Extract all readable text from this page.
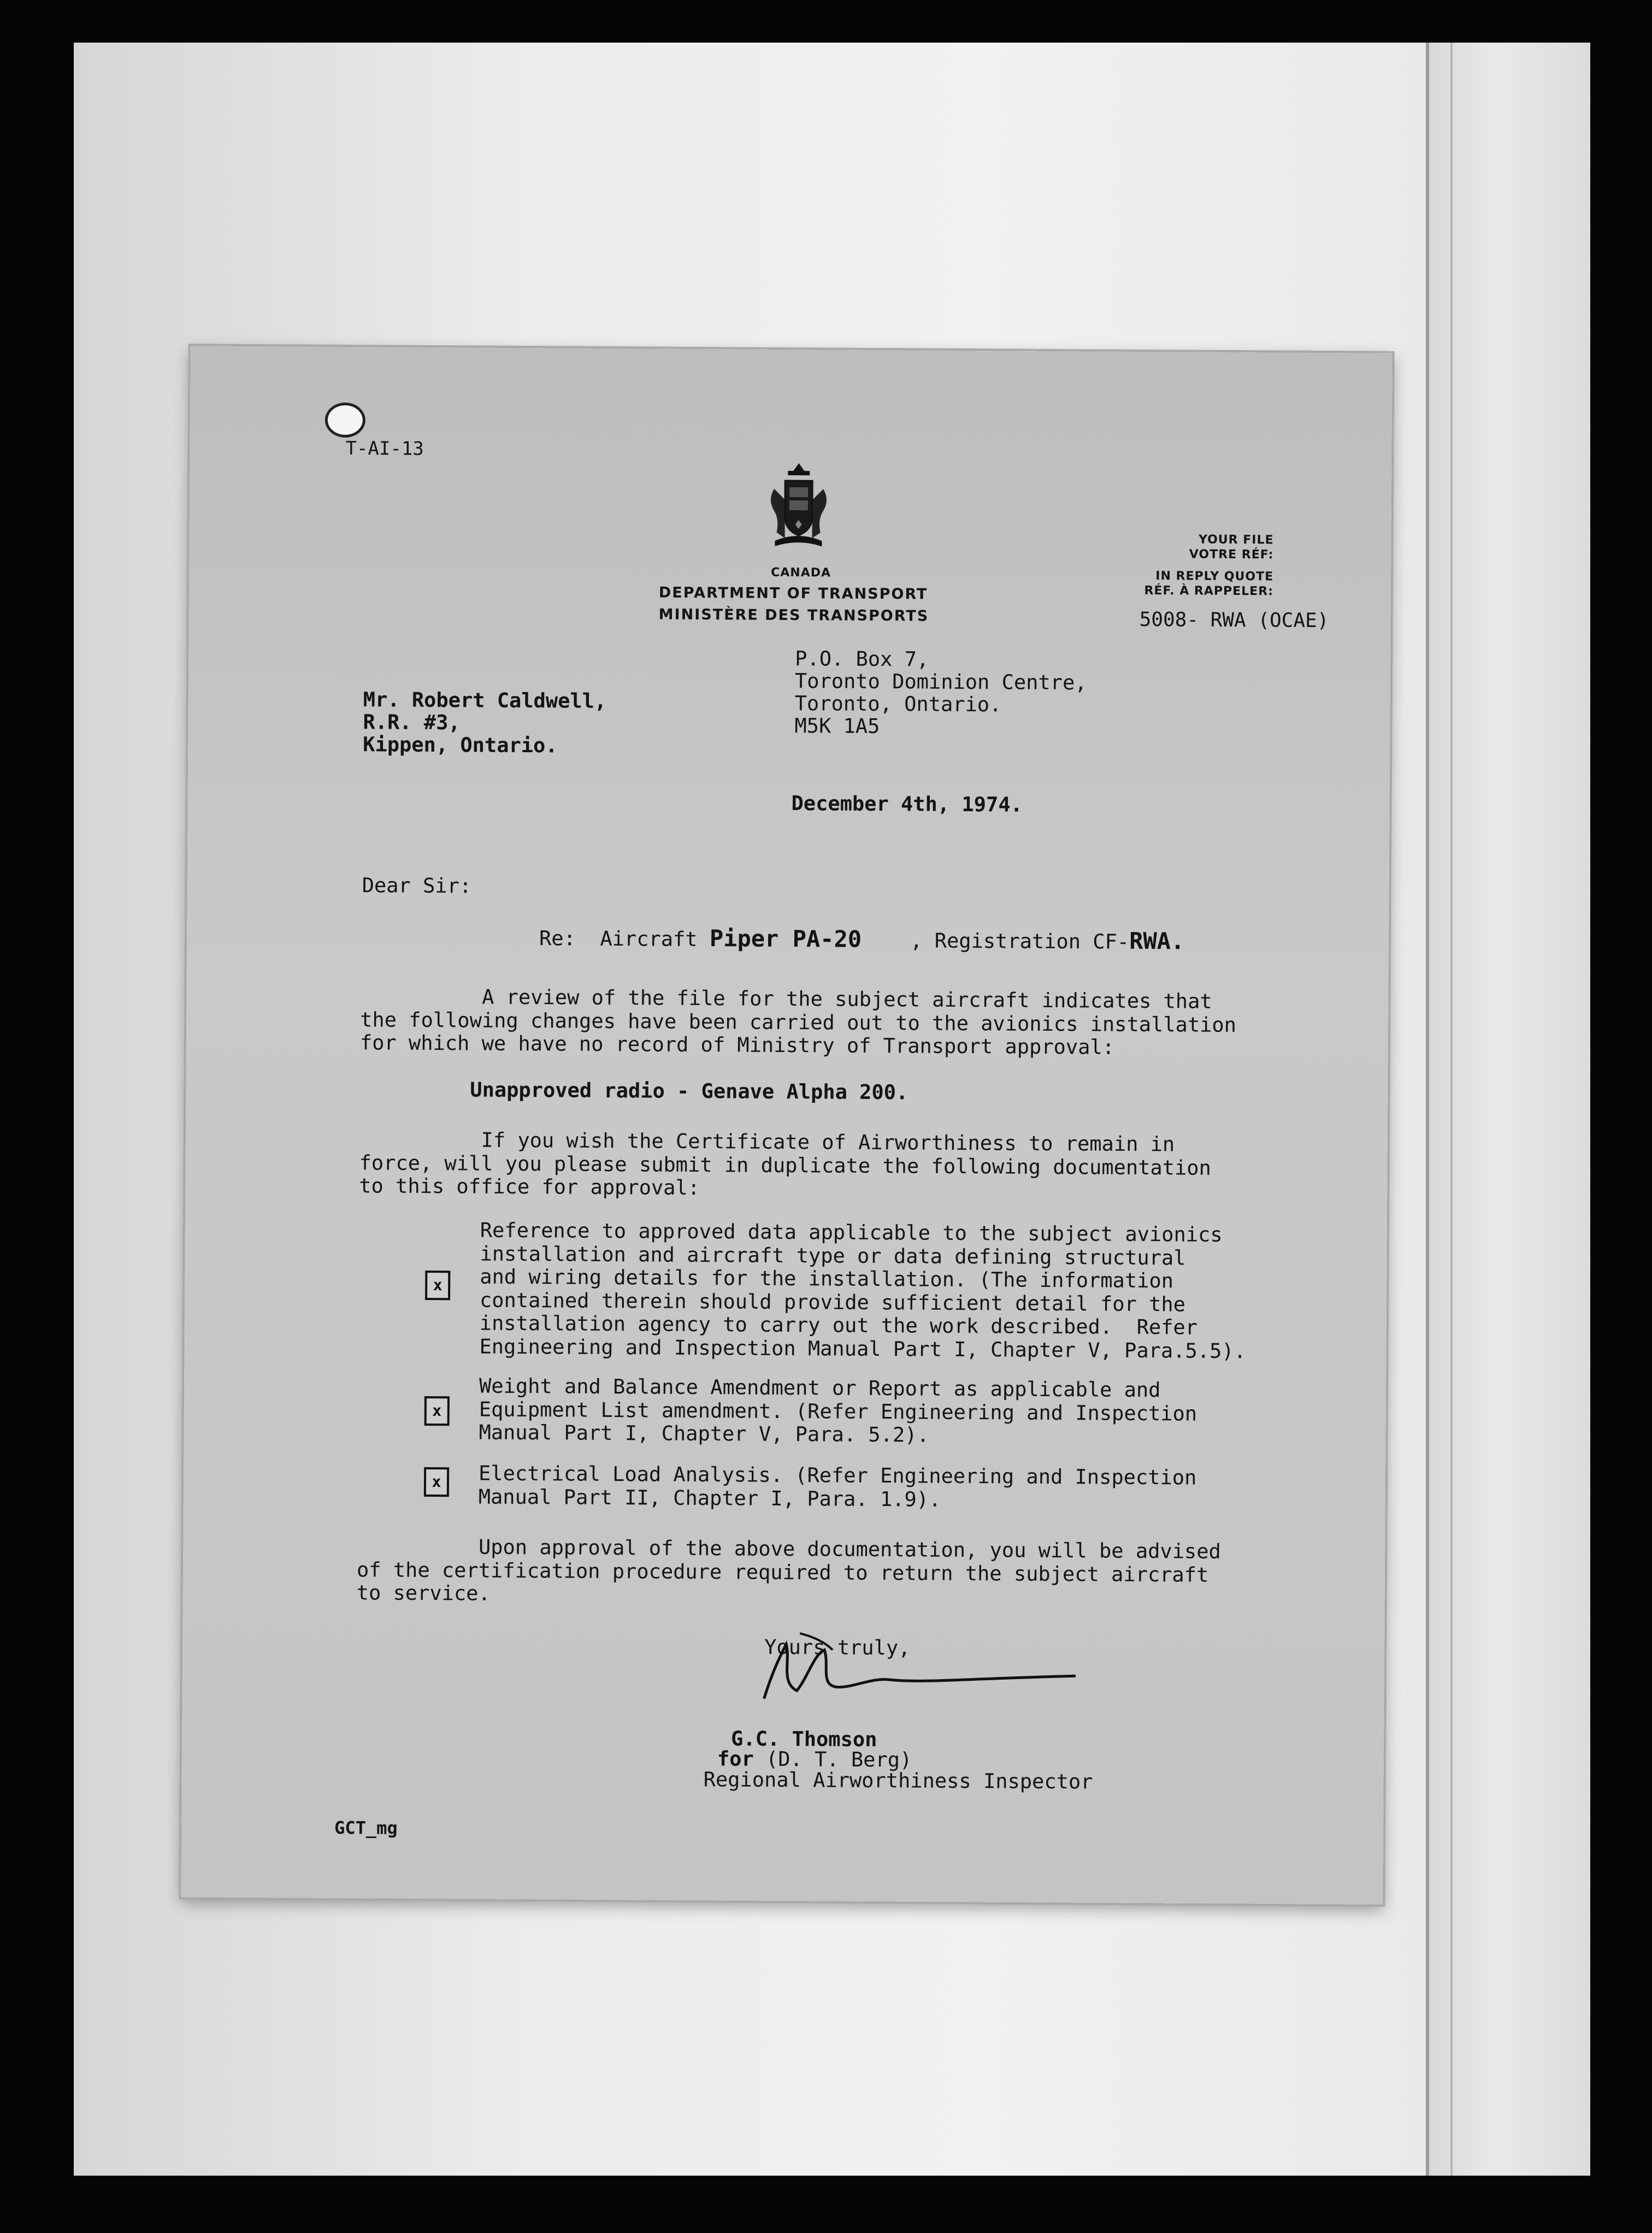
T-AI-13
CANADA
DEPARTMENT OF TRANSPORT
MINISTÈRE DES TRANSPORTS
YOUR FILE
VOTRE RÉF:
IN REPLY QUOTE
RÉF. À RAPPELER:
5008- RWA (OCAE)
P.O. Box 7,
Toronto Dominion Centre,
Toronto, Ontario.
M5K 1A5
Mr. Robert Caldwell,
R.R. #3,
Kippen, Ontario.
December 4th, 1974.
Dear Sir:
Re:  Aircraft Piper PA-20    , Registration CF-RWA.
A review of the file for the subject aircraft indicates that
the following changes have been carried out to the avionics installation
for which we have no record of Ministry of Transport approval:
Unapproved radio - Genave Alpha 200.
If you wish the Certificate of Airworthiness to remain in
force, will you please submit in duplicate the following documentation
to this office for approval:
x
Reference to approved data applicable to the subject avionics
installation and aircraft type or data defining structural
and wiring details for the installation. (The information
contained therein should provide sufficient detail for the
installation agency to carry out the work described.  Refer
Engineering and Inspection Manual Part I, Chapter V, Para.5.5).
x
Weight and Balance Amendment or Report as applicable and
Equipment List amendment. (Refer Engineering and Inspection
Manual Part I, Chapter V, Para. 5.2).
x	Electrical Load Analysis. (Refer Engineering and Inspection
Manual Part II, Chapter I, Para. 1.9).
Upon approval of the above documentation, you will be advised
of the certification procedure required to return the subject aircraft
to service.
Yours truly,
G.C. Thomson
for (D. T. Berg)
Regional Airworthiness Inspector
GCT_mg
